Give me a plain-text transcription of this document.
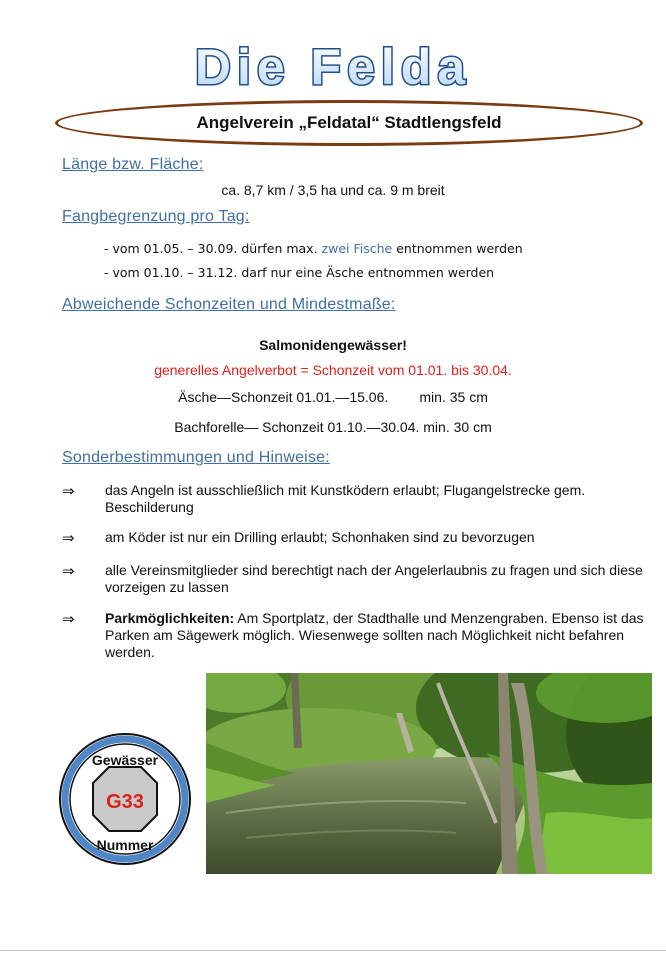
Die Felda
Angelverein „Feldatal“ Stadtlengsfeld
Länge bzw. Fläche:
ca. 8,7 km / 3,5 ha und ca. 9 m breit
Fangbegrenzung pro Tag:
- vom 01.05. – 30.09. dürfen max. zwei Fische entnommen werden
- vom 01.10. – 31.12. darf nur eine Äsche entnommen werden
Abweichende Schonzeiten und Mindestmaße:
Salmonidengewässer!
generelles Angelverbot = Schonzeit vom 01.01. bis 30.04.
Äsche—Schonzeit 01.01.—15.06.        min. 35 cm
Bachforelle— Schonzeit 01.10.—30.04. min. 30 cm
Sonderbestimmungen und Hinweise:
⇒ das Angeln ist ausschließlich mit Kunstködern erlaubt; Flugangelstrecke gem. Beschilderung
⇒ am Köder ist nur ein Drilling erlaubt; Schonhaken sind zu bevorzugen
⇒ alle Vereinsmitglieder sind berechtigt nach der Angelerlaubnis zu fragen und sich diese vorzeigen zu lassen
⇒ Parkmöglichkeiten: Am Sportplatz, der Stadthalle und Menzengraben. Ebenso ist das Parken am Sägewerk möglich. Wiesenwege sollten nach Möglichkeit nicht befahren werden.
Gewässer
G33
Nummer
